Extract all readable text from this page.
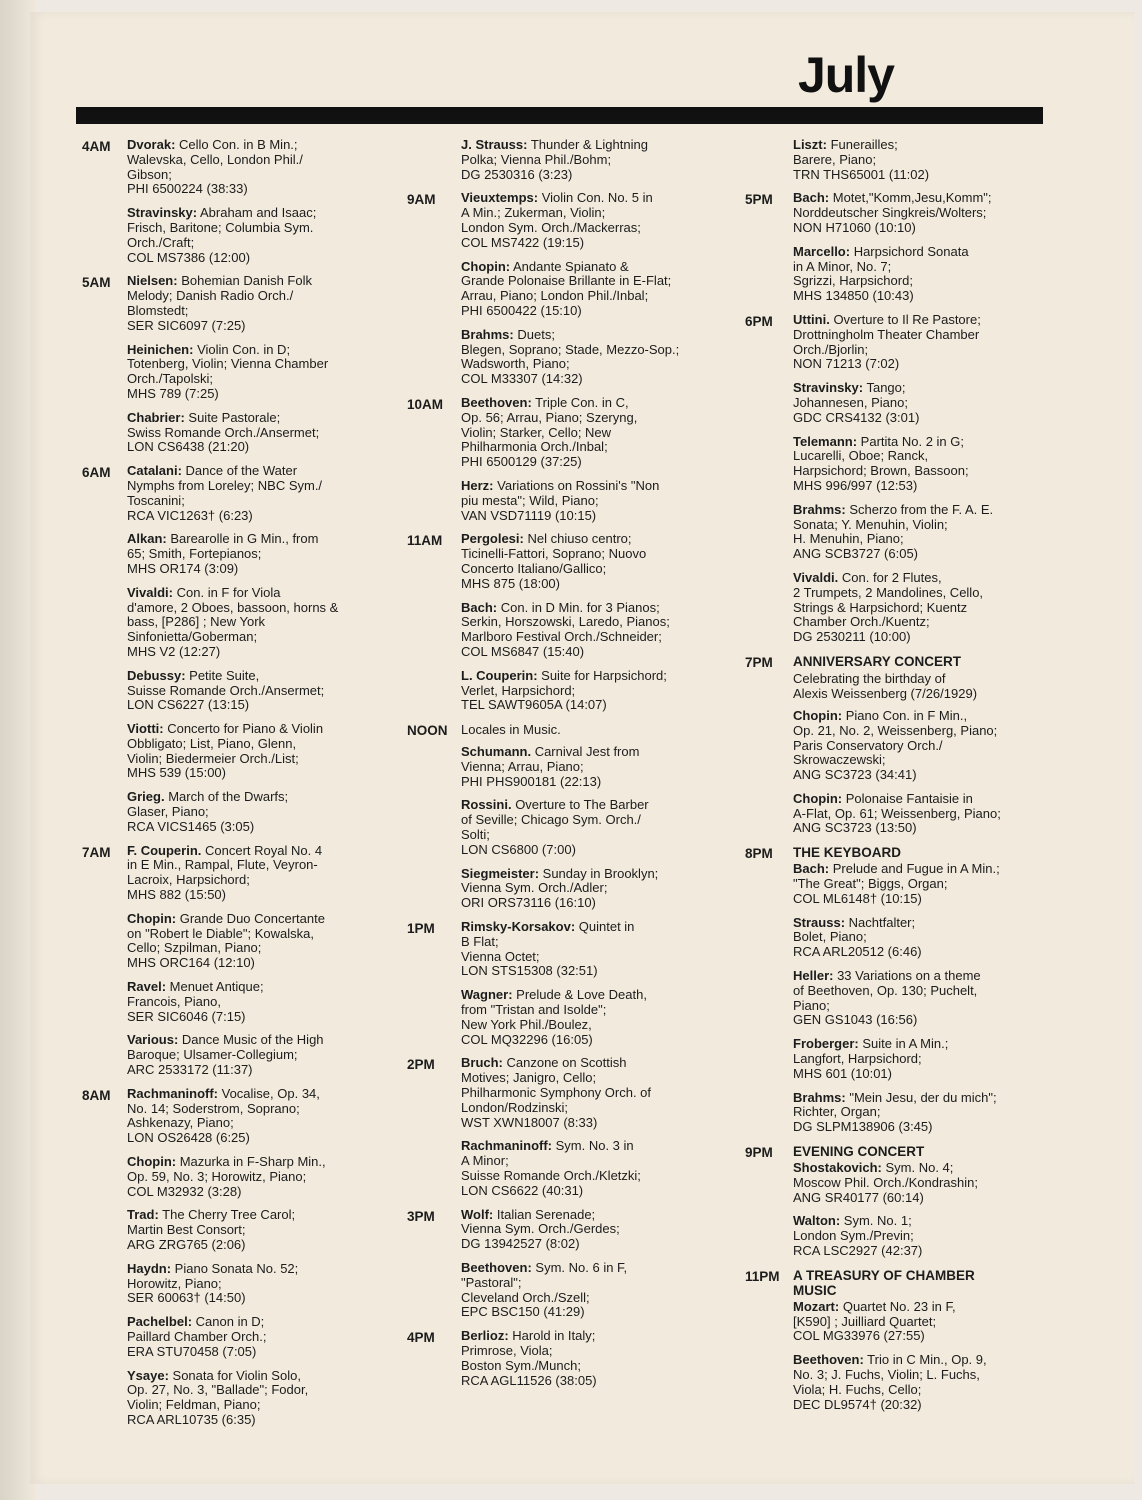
July
4AM Dvorak: Cello Con. in B Min.;
Walevska, Cello, London Phil./
Gibson;
PHI 6500224 (38:33)
Stravinsky: Abraham and Isaac;
Frisch, Baritone; Columbia Sym.
Orch./Craft;
COL MS7386 (12:00)
5AM Nielsen: Bohemian Danish Folk
Melody; Danish Radio Orch./
Blomstedt;
SER SIC6097 (7:25)
Heinichen: Violin Con. in D;
Totenberg, Violin; Vienna Chamber
Orch./Tapolski;
MHS 789 (7:25)
Chabrier: Suite Pastorale;
Swiss Romande Orch./Ansermet;
LON CS6438 (21:20)
6AM Catalani: Dance of the Water
Nymphs from Loreley; NBC Sym./
Toscanini;
RCA VIC1263† (6:23)
Alkan: Barearolle in G Min., from
65; Smith, Fortepianos;
MHS OR174 (3:09)
Vivaldi: Con. in F for Viola
d'amore, 2 Oboes, bassoon, horns &
bass, [P286] ; New York
Sinfonietta/Goberman;
MHS V2 (12:27)
Debussy: Petite Suite,
Suisse Romande Orch./Ansermet;
LON CS6227 (13:15)
Viotti: Concerto for Piano & Violin
Obbligato; List, Piano, Glenn,
Violin; Biedermeier Orch./List;
MHS 539 (15:00)
Grieg. March of the Dwarfs;
Glaser, Piano;
RCA VICS1465 (3:05)
7AM F. Couperin. Concert Royal No. 4
in E Min., Rampal, Flute, Veyron-
Lacroix, Harpsichord;
MHS 882 (15:50)
Chopin: Grande Duo Concertante
on "Robert le Diable"; Kowalska,
Cello; Szpilman, Piano;
MHS ORC164 (12:10)
Ravel: Menuet Antique;
Francois, Piano,
SER SIC6046 (7:15)
Various: Dance Music of the High
Baroque; Ulsamer-Collegium;
ARC 2533172 (11:37)
8AM Rachmaninoff: Vocalise, Op. 34,
No. 14; Soderstrom, Soprano;
Ashkenazy, Piano;
LON OS26428 (6:25)
Chopin: Mazurka in F-Sharp Min.,
Op. 59, No. 3; Horowitz, Piano;
COL M32932 (3:28)
Trad: The Cherry Tree Carol;
Martin Best Consort;
ARG ZRG765 (2:06)
Haydn: Piano Sonata No. 52;
Horowitz, Piano;
SER 60063† (14:50)
Pachelbel: Canon in D;
Paillard Chamber Orch.;
ERA STU70458 (7:05)
Ysaye: Sonata for Violin Solo,
Op. 27, No. 3, "Ballade"; Fodor,
Violin; Feldman, Piano;
RCA ARL10735 (6:35)
J. Strauss: Thunder & Lightning
Polka; Vienna Phil./Bohm;
DG 2530316 (3:23)
9AM Vieuxtemps: Violin Con. No. 5 in
A Min.; Zukerman, Violin;
London Sym. Orch./Mackerras;
COL MS7422 (19:15)
Chopin: Andante Spianato &
Grande Polonaise Brillante in E-Flat;
Arrau, Piano; London Phil./Inbal;
PHI 6500422 (15:10)
Brahms: Duets;
Blegen, Soprano; Stade, Mezzo-Sop.;
Wadsworth, Piano;
COL M33307 (14:32)
10AM Beethoven: Triple Con. in C,
Op. 56; Arrau, Piano; Szeryng,
Violin; Starker, Cello; New
Philharmonia Orch./Inbal;
PHI 6500129 (37:25)
Herz: Variations on Rossini's "Non
piu mesta"; Wild, Piano;
VAN VSD71119 (10:15)
11AM Pergolesi: Nel chiuso centro;
Ticinelli-Fattori, Soprano; Nuovo
Concerto Italiano/Gallico;
MHS 875 (18:00)
Bach: Con. in D Min. for 3 Pianos;
Serkin, Horszowski, Laredo, Pianos;
Marlboro Festival Orch./Schneider;
COL MS6847 (15:40)
L. Couperin: Suite for Harpsichord;
Verlet, Harpsichord;
TEL SAWT9605A (14:07)
NOON Locales in Music.
Schumann. Carnival Jest from
Vienna; Arrau, Piano;
PHI PHS900181 (22:13)
Rossini. Overture to The Barber
of Seville; Chicago Sym. Orch./
Solti;
LON CS6800 (7:00)
Siegmeister: Sunday in Brooklyn;
Vienna Sym. Orch./Adler;
ORI ORS73116 (16:10)
1PM Rimsky-Korsakov: Quintet in
B Flat;
Vienna Octet;
LON STS15308 (32:51)
Wagner: Prelude & Love Death,
from "Tristan and Isolde";
New York Phil./Boulez,
COL MQ32296 (16:05)
2PM Bruch: Canzone on Scottish
Motives; Janigro, Cello;
Philharmonic Symphony Orch. of
London/Rodzinski;
WST XWN18007 (8:33)
Rachmaninoff: Sym. No. 3 in
A Minor;
Suisse Romande Orch./Kletzki;
LON CS6622 (40:31)
3PM Wolf: Italian Serenade;
Vienna Sym. Orch./Gerdes;
DG 13942527 (8:02)
Beethoven: Sym. No. 6 in F,
"Pastoral";
Cleveland Orch./Szell;
EPC BSC150 (41:29)
4PM Berlioz: Harold in Italy;
Primrose, Viola;
Boston Sym./Munch;
RCA AGL11526 (38:05)
Liszt: Funerailles;
Barere, Piano;
TRN THS65001 (11:02)
5PM Bach: Motet,"Komm,Jesu,Komm";
Norddeutscher Singkreis/Wolters;
NON H71060 (10:10)
Marcello: Harpsichord Sonata
in A Minor, No. 7;
Sgrizzi, Harpsichord;
MHS 134850 (10:43)
6PM Uttini. Overture to Il Re Pastore;
Drottningholm Theater Chamber
Orch./Bjorlin;
NON 71213 (7:02)
Stravinsky: Tango;
Johannesen, Piano;
GDC CRS4132 (3:01)
Telemann: Partita No. 2 in G;
Lucarelli, Oboe; Ranck,
Harpsichord; Brown, Bassoon;
MHS 996/997 (12:53)
Brahms: Scherzo from the F. A. E.
Sonata; Y. Menuhin, Violin;
H. Menuhin, Piano;
ANG SCB3727 (6:05)
Vivaldi. Con. for 2 Flutes,
2 Trumpets, 2 Mandolines, Cello,
Strings & Harpsichord; Kuentz
Chamber Orch./Kuentz;
DG 2530211 (10:00)
7PM ANNIVERSARY CONCERT
Celebrating the birthday of
Alexis Weissenberg (7/26/1929)
Chopin: Piano Con. in F Min.,
Op. 21, No. 2, Weissenberg, Piano;
Paris Conservatory Orch./
Skrowaczewski;
ANG SC3723 (34:41)
Chopin: Polonaise Fantaisie in
A-Flat, Op. 61; Weissenberg, Piano;
ANG SC3723 (13:50)
8PM THE KEYBOARD
Bach: Prelude and Fugue in A Min.;
"The Great"; Biggs, Organ;
COL ML6148† (10:15)
Strauss: Nachtfalter;
Bolet, Piano;
RCA ARL20512 (6:46)
Heller: 33 Variations on a theme
of Beethoven, Op. 130; Puchelt,
Piano;
GEN GS1043 (16:56)
Froberger: Suite in A Min.;
Langfort, Harpsichord;
MHS 601 (10:01)
Brahms: "Mein Jesu, der du mich";
Richter, Organ;
DG SLPM138906 (3:45)
9PM EVENING CONCERT
Shostakovich: Sym. No. 4;
Moscow Phil. Orch./Kondrashin;
ANG SR40177 (60:14)
Walton: Sym. No. 1;
London Sym./Previn;
RCA LSC2927 (42:37)
11PM A TREASURY OF CHAMBER
MUSIC
Mozart: Quartet No. 23 in F,
[K590] ; Juilliard Quartet;
COL MG33976 (27:55)
Beethoven: Trio in C Min., Op. 9,
No. 3; J. Fuchs, Violin; L. Fuchs,
Viola; H. Fuchs, Cello;
DEC DL9574† (20:32)
